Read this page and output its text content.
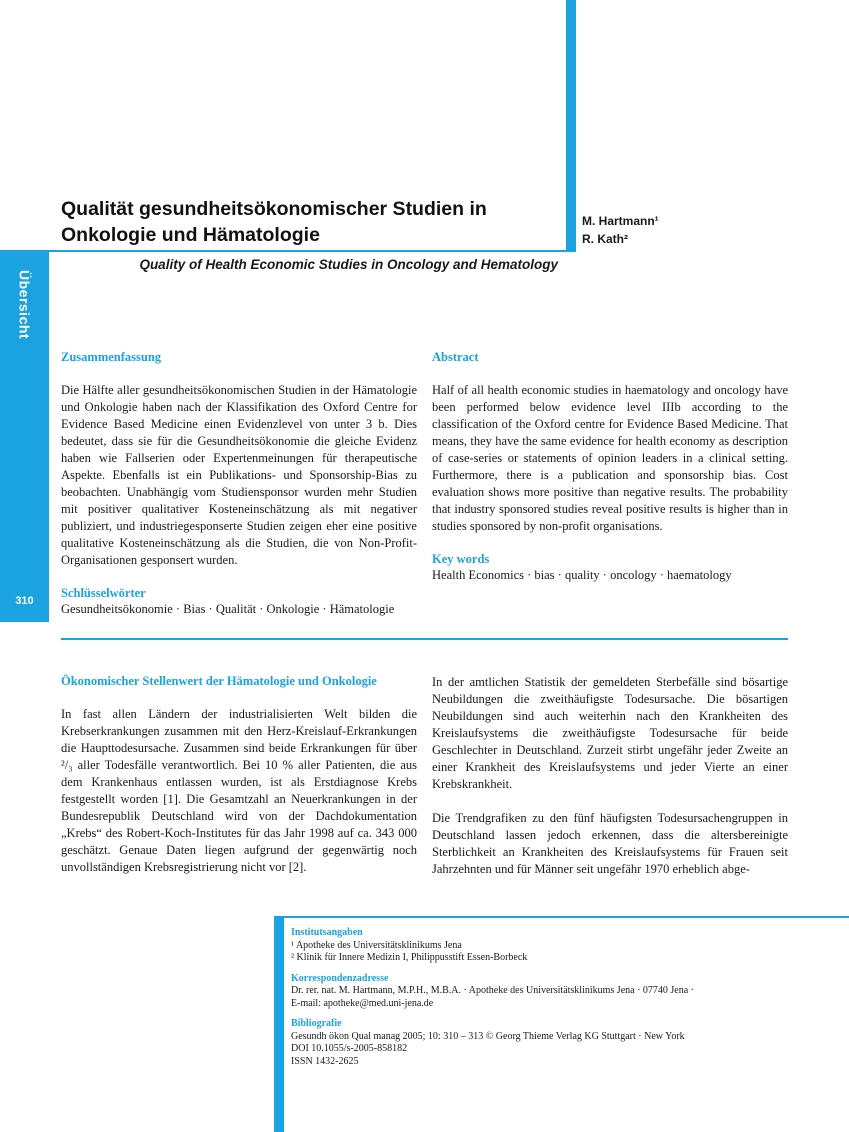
Übersicht
310
Qualität gesundheitsökonomischer Studien in
Onkologie und Hämatologie
M. Hartmann¹
R. Kath²
Quality of Health Economic Studies in Oncology and Hematology
Zusammenfassung
Die Hälfte aller gesundheitsökonomischen Studien in der Hämatologie und Onkologie haben nach der Klassifikation des Oxford Centre for Evidence Based Medicine einen Evidenzlevel von unter 3 b. Dies bedeutet, dass sie für die Gesundheitsökonomie die gleiche Evidenz haben wie Fallserien oder Expertenmeinungen für therapeutische Aspekte. Ebenfalls ist ein Publikations- und Sponsorship-Bias zu beobachten. Unabhängig vom Studiensponsor wurden mehr Studien mit positiver qualitativer Kosteneinschätzung als mit negativer publiziert, und industriegesponserte Studien zeigen eher eine positive qualitative Kosteneinschätzung als die Studien, die von Non-Profit-Organisationen gesponsert wurden.
Schlüsselwörter
Gesundheitsökonomie · Bias · Qualität · Onkologie · Hämatologie
Abstract
Half of all health economic studies in haematology and oncology have been performed below evidence level IIIb according to the classification of the Oxford centre for Evidence Based Medicine. That means, they have the same evidence for health economy as description of case-series or statements of opinion leaders in a clinical setting. Furthermore, there is a publication and sponsorship bias. Cost evaluation shows more positive than negative results. The probability that industry sponsored studies reveal positive results is higher than in studies sponsored by non-profit organisations.
Key words
Health Economics · bias · quality · oncology · haematology
Ökonomischer Stellenwert der Hämatologie und Onkologie
In fast allen Ländern der industrialisierten Welt bilden die Krebserkrankungen zusammen mit den Herz-Kreislauf-Erkrankungen die Haupttodesursache. Zusammen sind beide Erkrankungen für über ²/₃ aller Todesfälle verantwortlich. Bei 10 % aller Patienten, die aus dem Krankenhaus entlassen wurden, ist als Erstdiagnose Krebs festgestellt worden [1]. Die Gesamtzahl an Neuerkrankungen in der Bundesrepublik Deutschland wird von der Dachdokumentation „Krebs“ des Robert-Koch-Institutes für das Jahr 1998 auf ca. 343 000 geschätzt. Genaue Daten liegen aufgrund der gegenwärtig noch unvollständigen Krebsregistrierung nicht vor [2].
In der amtlichen Statistik der gemeldeten Sterbefälle sind bösartige Neubildungen die zweithäufigste Todesursache. Die bösartigen Neubildungen sind auch weiterhin nach den Krankheiten des Kreislaufsystems die zweithäufigste Todesursache für beide Geschlechter in Deutschland. Zurzeit stirbt ungefähr jeder Zweite an einer Krankheit des Kreislaufsystems und jeder Vierte an einer Krebskrankheit.
Die Trendgrafiken zu den fünf häufigsten Todesursachengruppen in Deutschland lassen jedoch erkennen, dass die altersbereinigte Sterblichkeit an Krankheiten des Kreislaufsystems für Frauen seit Jahrzehnten und für Männer seit ungefähr 1970 erheblich abge-
Institutsangaben
¹ Apotheke des Universitätsklinikums Jena
² Klinik für Innere Medizin I, Philippusstift Essen-Borbeck
Korrespondenzadresse
Dr. rer. nat. M. Hartmann, M.P.H., M.B.A. · Apotheke des Universitätsklinikums Jena · 07740 Jena ·
E-mail: apotheke@med.uni-jena.de
Bibliografie
Gesundh ökon Qual manag 2005; 10: 310 – 313 © Georg Thieme Verlag KG Stuttgart · New York
DOI 10.1055/s-2005-858182
ISSN 1432-2625
